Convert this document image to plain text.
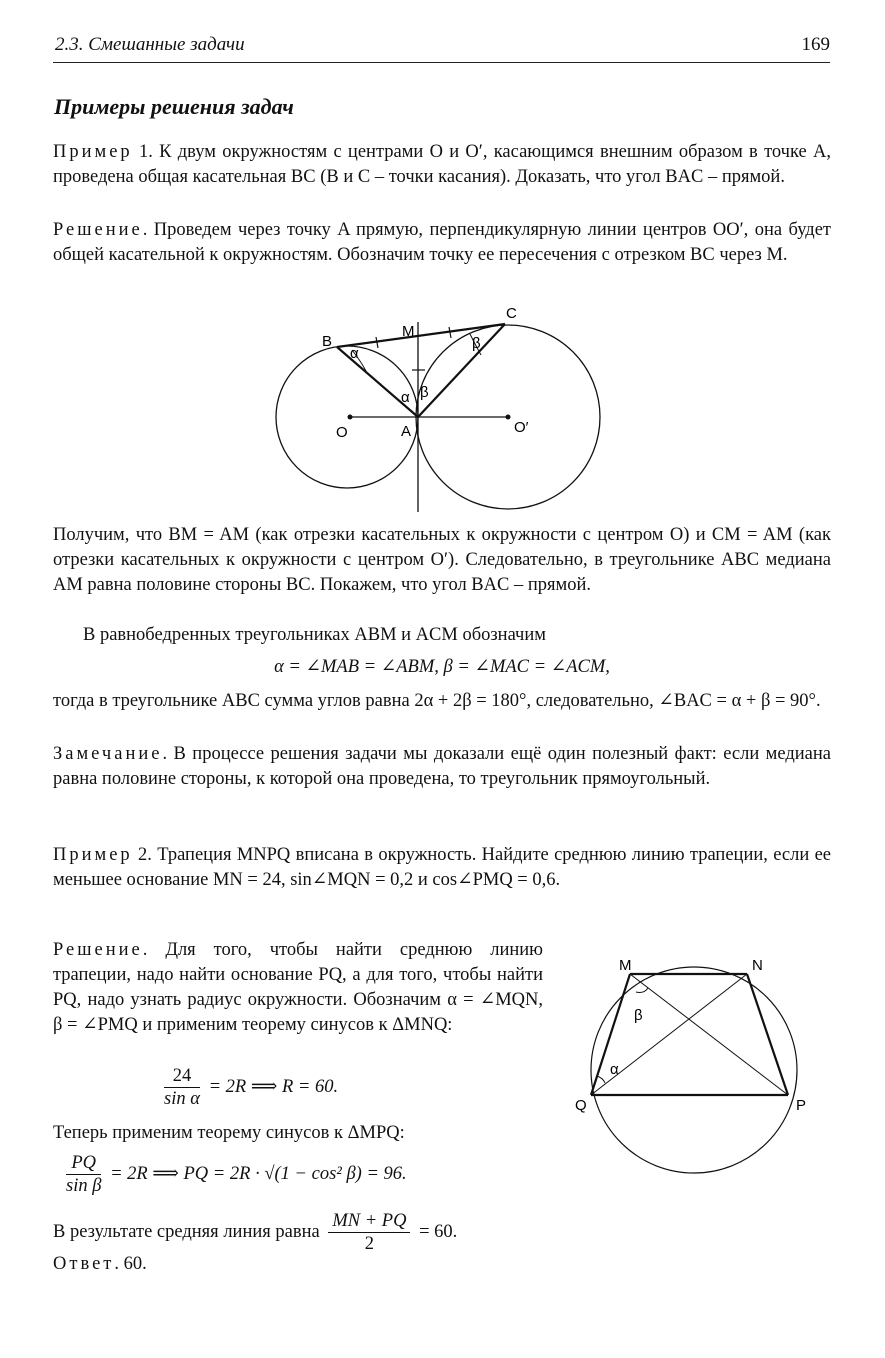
2.3. Смешанные задачи	169
Примеры решения задач
Пример 1. К двум окружностям с центрами O и O′, касающимся внешним образом в точке A, проведена общая касательная BC (B и C – точки касания). Доказать, что угол BAC – прямой.
Решение. Проведем через точку A прямую, перпендикулярную линии центров OO′, она будет общей касательной к окружностям. Обозначим точку ее пересечения с отрезком BC через M.
B
C
M
A
O	O′
α
β
α β
Получим, что BM = AM (как отрезки касательных к окружности с центром O) и CM = AM (как отрезки касательных к окружности с центром O′). Следовательно, в треугольнике ABC медиана AM равна половине стороны BC. Покажем, что угол BAC – прямой.
В равнобедренных треугольниках ABM и ACM обозначим
α = ∠MAB = ∠ABM, β = ∠MAC = ∠ACM,
тогда в треугольнике ABC сумма углов равна 2α + 2β = 180°, следовательно, ∠BAC = α + β = 90°.
Замечание. В процессе решения задачи мы доказали ещё один полезный факт: если медиана равна половине стороны, к которой она проведена, то треугольник прямоугольный.
Пример 2. Трапеция MNPQ вписана в окружность. Найдите среднюю линию трапеции, если ее меньшее основание MN = 24, sin∠MQN = 0,2 и cos∠PMQ = 0,6.
Решение. Для того, чтобы найти среднюю линию трапеции, надо найти основание PQ, а для того, чтобы найти PQ, надо узнать радиус окружности. Обозначим α = ∠MQN, β = ∠PMQ и применим теорему синусов к ΔMNQ:
$\frac{24}{\text{sin α}} = 2R$ ⟹ R = 60.
Теперь применим теорему синусов к ΔMPQ:
$\frac{PQ}{\text{sin β}} = 2R$ ⟹ PQ = 2R · √(1 − cos² β) = 96.
В результате средняя линия равна $\frac{MN + PQ}{2} = 60$.
Ответ. 60.
M	N
P
Q
β
α
